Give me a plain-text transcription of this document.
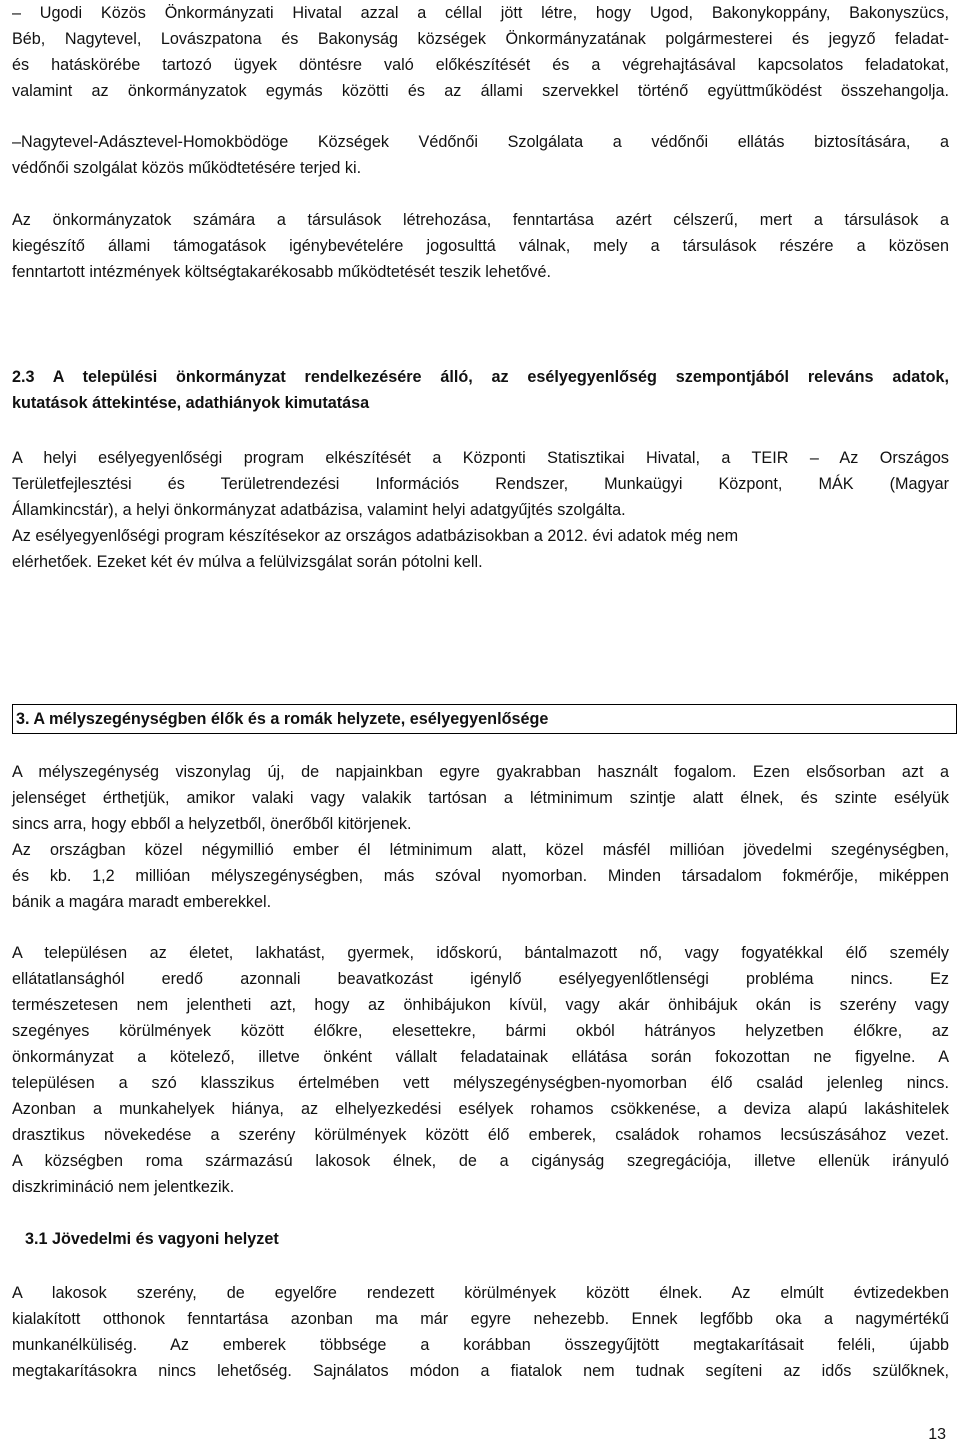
– Ugodi Közös Önkormányzati Hivatal azzal a céllal jött létre, hogy Ugod, Bakonykoppány, Bakonyszücs,
Béb, Nagytevel, Lovászpatona és Bakonyság községek Önkormányzatának polgármesterei és jegyző feladat-
és hatáskörébe tartozó ügyek döntésre való előkészítését és a végrehajtásával kapcsolatos feladatokat,
valamint az önkormányzatok egymás közötti és az állami szervekkel történő együttműködést összehangolja.
–Nagytevel-Adásztevel-Homokbödöge Községek Védőnői Szolgálata a védőnői ellátás biztosítására, a
védőnői szolgálat közös működtetésére terjed ki.
Az önkormányzatok számára a társulások létrehozása, fenntartása azért célszerű, mert a társulások a
kiegészítő állami támogatások igénybevételére jogosulttá válnak, mely a társulások részére a közösen
fenntartott intézmények költségtakarékosabb működtetését teszik lehetővé.
2.3 A települési önkormányzat rendelkezésére álló, az esélyegyenlőség szempontjából releváns adatok,
kutatások áttekintése, adathiányok kimutatása
A helyi esélyegyenlőségi program elkészítését a Központi Statisztikai Hivatal, a TEIR – Az Országos
Területfejlesztési és Területrendezési Információs Rendszer, Munkaügyi Központ, MÁK (Magyar
Államkincstár), a helyi önkormányzat adatbázisa, valamint helyi adatgyűjtés szolgálta.
Az esélyegyenlőségi program készítésekor az országos adatbázisokban a 2012. évi adatok még nem
elérhetőek. Ezeket két év múlva a felülvizsgálat során pótolni kell.
3. A mélyszegénységben élők és a romák helyzete, esélyegyenlősége
A mélyszegénység viszonylag új, de napjainkban egyre gyakrabban használt fogalom. Ezen elsősorban azt a
jelenséget érthetjük, amikor valaki vagy valakik tartósan a létminimum szintje alatt élnek, és szinte esélyük
sincs arra, hogy ebből a helyzetből, önerőből kitörjenek.
Az országban közel négymillió ember él létminimum alatt, közel másfél millióan jövedelmi szegénységben,
és kb. 1,2 millióan mélyszegénységben, más szóval nyomorban. Minden társadalom fokmérője, miképpen
bánik a magára maradt emberekkel.
A településen az életet, lakhatást, gyermek, időskorú, bántalmazott nő, vagy fogyatékkal élő személy
ellátatlansághól eredő azonnali beavatkozást igénylő esélyegyenlőtlenségi probléma nincs. Ez
természetesen nem jelentheti azt, hogy az önhibájukon kívül, vagy akár önhibájuk okán is szerény vagy
szegényes körülmények között élőkre, elesettekre, bármi okból hátrányos helyzetben élőkre, az
önkormányzat a kötelező, illetve önként vállalt feladatainak ellátása során fokozottan ne figyelne. A
településen a szó klasszikus értelmében vett mélyszegénységben-nyomorban élő család jelenleg nincs.
Azonban a munkahelyek hiánya, az elhelyezkedési esélyek rohamos csökkenése, a deviza alapú lakáshitelek
drasztikus növekedése a szerény körülmények között élő emberek, családok rohamos lecsúszásához vezet.
A községben roma származású lakosok élnek, de a cigányság szegregációja, illetve ellenük irányuló
diszkrimináció nem jelentkezik.
3.1 Jövedelmi és vagyoni helyzet
A lakosok szerény, de egyelőre rendezett körülmények között élnek. Az elmúlt évtizedekben
kialakított otthonok fenntartása azonban ma már egyre nehezebb. Ennek legfőbb oka a nagymértékű
munkanélküliség. Az emberek többsége a korábban összegyűjtött megtakarításait feléli, újabb
megtakarításokra nincs lehetőség. Sajnálatos módon a fiatalok nem tudnak segíteni az idős szülőknek,
13
